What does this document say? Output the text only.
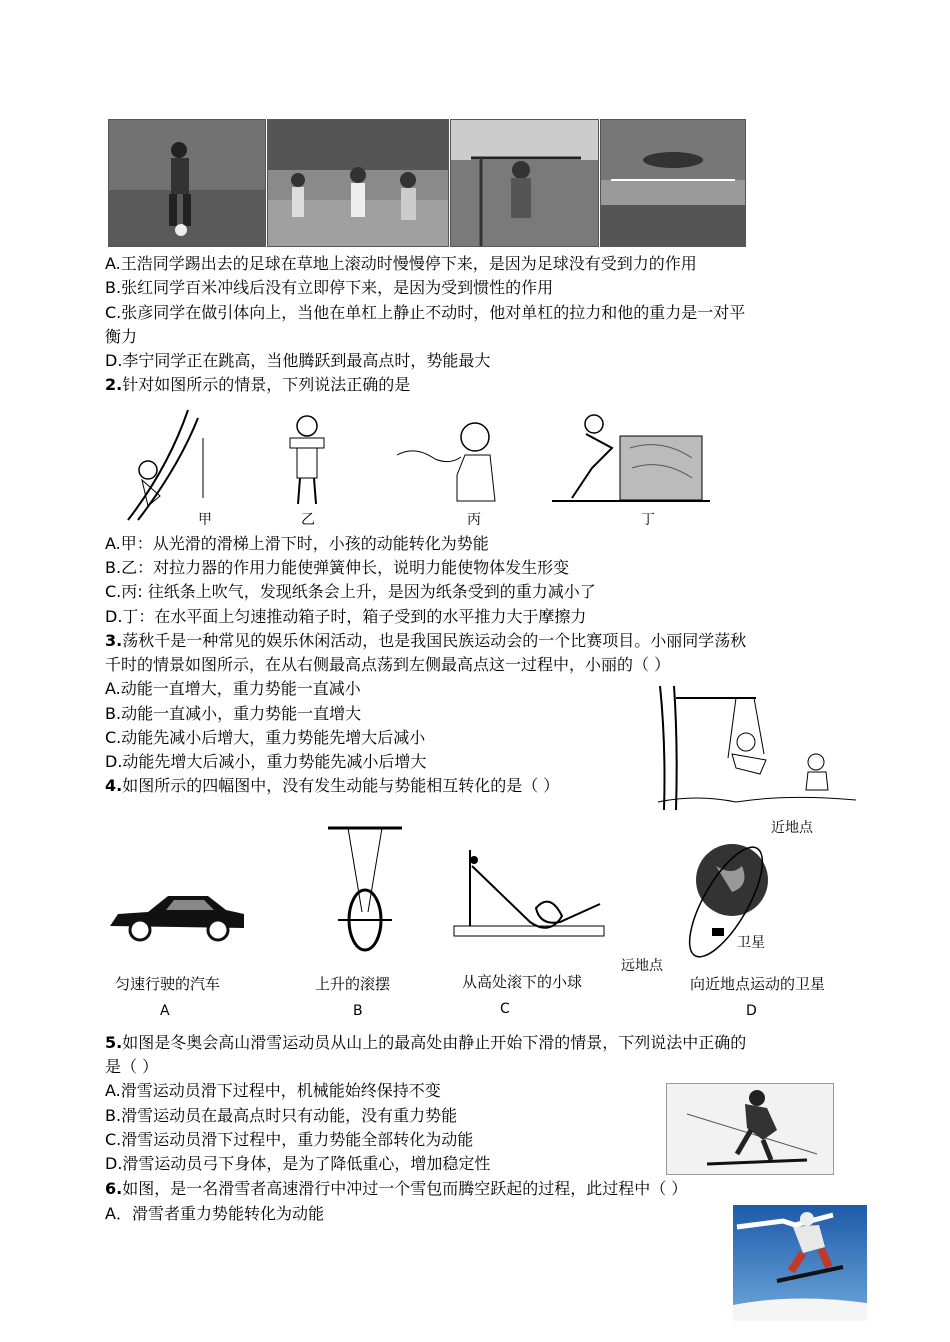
A.王浩同学踢出去的足球在草地上滚动时慢慢停下来，是因为足球没有受到力的作用
B.张红同学百米冲线后没有立即停下来，是因为受到惯性的作用
C.张彦同学在做引体向上，当他在单杠上静止不动时，他对单杠的拉力和他的重力是一对平
衡力
D.李宁同学正在跳高，当他腾跃到最高点时，势能最大
2.针对如图所示的情景，下列说法正确的是
甲	乙	丙	丁
A.甲：从光滑的滑梯上滑下时，小孩的动能转化为势能
B.乙：对拉力器的作用力能使弹簧伸长，说明力能使物体发生形变
C.丙: 往纸条上吹气，发现纸条会上升，是因为纸条受到的重力减小了
D.丁：在水平面上匀速推动箱子时，箱子受到的水平推力大于摩擦力
3.荡秋千是一种常见的娱乐休闲活动，也是我国民族运动会的一个比赛项目。小丽同学荡秋
千时的情景如图所示，在从右侧最高点荡到左侧最高点这一过程中，小丽的（ ）
A.动能一直增大，重力势能一直减小
B.动能一直减小，重力势能一直增大
C.动能先减小后增大，重力势能先增大后减小
D.动能先增大后减小，重力势能先减小后增大
4.如图所示的四幅图中，没有发生动能与势能相互转化的是（ ）
匀速行驶的汽车
A
上升的滚摆
B
从高处滚下的小球
C
近地点
卫星
远地点
向近地点运动的卫星
D
5.如图是冬奥会高山滑雪运动员从山上的最高处由静止开始下滑的情景，下列说法中正确的
是（ ）
A.滑雪运动员滑下过程中，机械能始终保持不变
B.滑雪运动员在最高点时只有动能，没有重力势能
C.滑雪运动员滑下过程中，重力势能全部转化为动能
D.滑雪运动员弓下身体，是为了降低重心，增加稳定性
6.如图，是一名滑雪者高速滑行中冲过一个雪包而腾空跃起的过程，此过程中（ ）
A．滑雪者重力势能转化为动能
